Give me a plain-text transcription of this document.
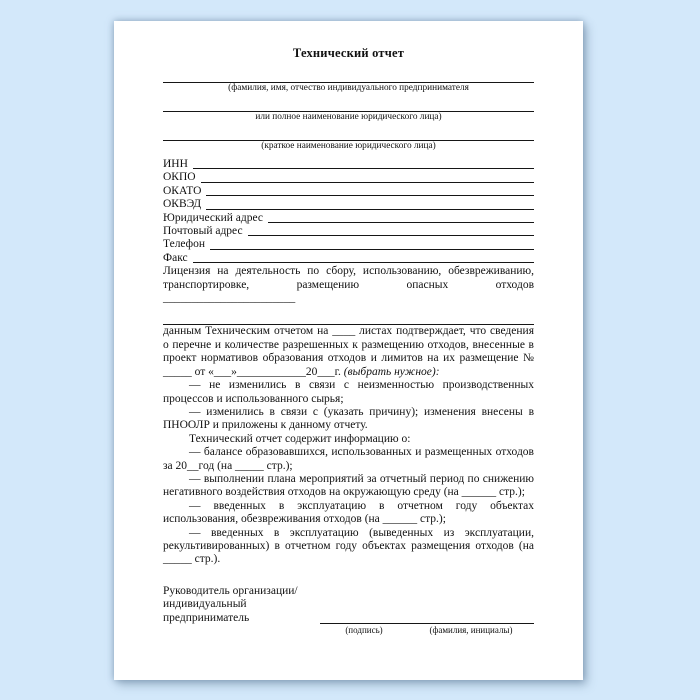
Технический отчет

(фамилия, имя, отчество индивидуального предпринимателя

или полное наименование юридического лица)

(краткое наименование юридического лица)

ИНН
ОКПО
ОКАТО
ОКВЭД
Юридический адрес
Почтовый адрес
Телефон
Факс

Лицензия на деятельность по сбору, использованию, обезвреживанию, транспортировке, размещению опасных отходов _______________________

данным Техническим отчетом на ____ листах подтверждает, что сведения о перечне и количестве разрешенных к размещению отходов, внесенные в проект нормативов образования отходов и лимитов на их размещение № _____ от «___»____________20___г. (выбрать нужное):

— не изменились в связи с неизменностью производственных процессов и использованного сырья;

— изменились в связи с (указать причину); изменения внесены в ПНООЛР и приложены к данному отчету.

Технический отчет содержит информацию о:

— балансе образовавшихся, использованных и размещенных отходов за 20__год (на _____ стр.);

— выполнении плана мероприятий за отчетный период по снижению негативного воздействия отходов на окружающую среду (на ______ стр.);

— введенных в эксплуатацию в отчетном году объектах использования, обезвреживания отходов (на ______ стр.);

— введенных в эксплуатацию (выведенных из эксплуатации, рекультивированных) в отчетном году объектах размещения отходов (на _____ стр.).

Руководитель организации/ индивидуальный предприниматель
(подпись)	(фамилия, инициалы)
